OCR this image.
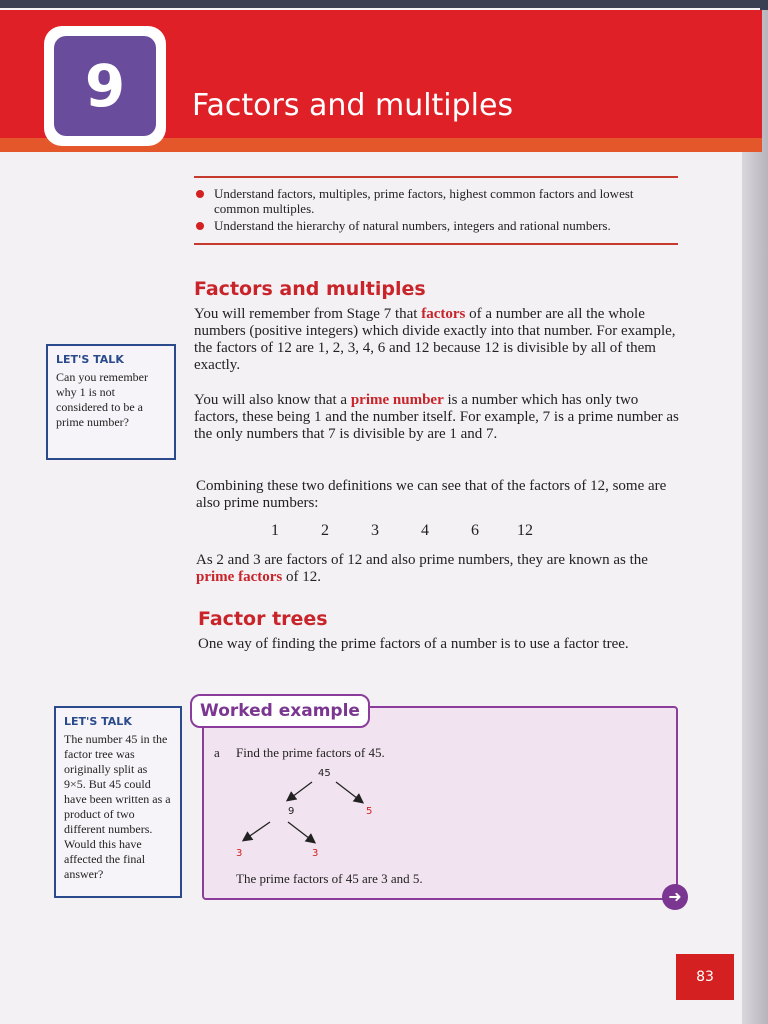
9	Factors and multiples
Understand factors, multiples, prime factors, highest common factors and lowest common multiples.
Understand the hierarchy of natural numbers, integers and rational numbers.
Factors and multiples
You will remember from Stage 7 that factors of a number are all the whole numbers (positive integers) which divide exactly into that number. For example, the factors of 12 are 1, 2, 3, 4, 6 and 12 because 12 is divisible by all of them exactly.
You will also know that a prime number is a number which has only two factors, these being 1 and the number itself. For example, 7 is a prime number as the only numbers that 7 is divisible by are 1 and 7.
Combining these two definitions we can see that of the factors of 12, some are also prime numbers:
1	2	3	4	6	12
As 2 and 3 are factors of 12 and also prime numbers, they are known as the prime factors of 12.
Factor trees
One way of finding the prime factors of a number is to use a factor tree.
LET'S TALK
Can you remember why 1 is not considered to be a prime number?
LET'S TALK
The number 45 in the factor tree was originally split as 9×5. But 45 could have been written as a product of two different numbers. Would this have affected the final answer?
Worked example
a Find the prime factors of 45.
45
9	5
3	3
The prime factors of 45 are 3 and 5.
➜
83
